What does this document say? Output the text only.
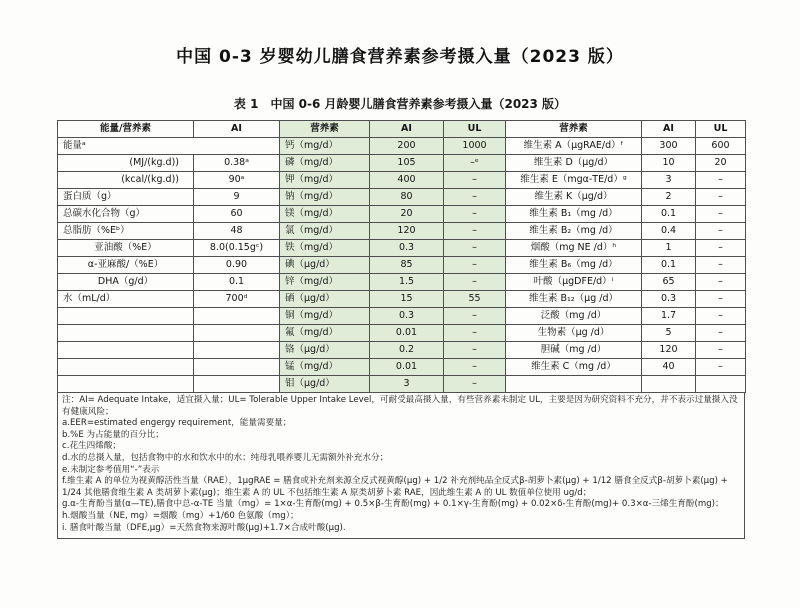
中国 0-3 岁婴幼儿膳食营养素参考摄入量（2023 版）
表 1　中国 0-6 月龄婴儿膳食营养素参考摄入量（2023 版）
能量/营养素	AI	营养素	AI	UL	营养素	AI	UL
能量ᵃ		钙（mg/d）	200	1000	维生素 A（μgRAE/d）ᶠ	300	600
(MJ/(kg.d))	0.38ᵃ	磷（mg/d）	105	–ᵉ	维生素 D（μg/d）	10	20
(kcal/(kg.d))	90ᵃ	钾（mg/d）	400	–	维生素 E（mgα-TE/d）ᵍ	3	–
蛋白质（g）	9	钠（mg/d）	80	–	维生素 K（μg/d）	2	–
总碳水化合物（g）	60	镁（mg/d）	20	–	维生素 B₁（mg /d）	0.1	–
总脂肪（%Eᵇ）	48	氯（mg/d）	120	–	维生素 B₂（mg /d）	0.4	–
亚油酸（%E）	8.0(0.15gᶜ)	铁（mg/d）	0.3	–	烟酸（mg NE /d）ʰ	1	–
α-亚麻酸/（%E）	0.90	碘（μg/d）	85	–	维生素 B₆（mg /d）	0.1	–
DHA（g/d）	0.1	锌（mg/d）	1.5	–	叶酸（μgDFE/d）ⁱ	65	–
水（mL/d）	700ᵈ	硒（μg/d）	15	55	维生素 B₁₂（μg /d）	0.3	–
		铜（mg/d）	0.3	–	泛酸（mg /d）	1.7	–
		氟（mg/d）	0.01	–	生物素（μg /d）	5	–
		铬（μg/d）	0.2	–	胆碱（mg /d）	120	–
		锰（mg/d）	0.01	–	维生素 C（mg /d）	40	–
		钼（μg/d）	3	–			
注：AI= Adequate Intake，适宜摄入量；UL= Tolerable Upper Intake Level，可耐受最高摄入量，有些营养素未制定 UL，主要是因为研究资料不充分，并不表示过量摄入没有健康风险；
a.EER=estimated engergy requirement，能量需要量；
b.%E 为占能量的百分比；
c.花生四烯酸；
d.水的总摄入量，包括食物中的水和饮水中的水；纯母乳喂养婴儿无需额外补充水分；
e.未制定参考值用“-”表示
f.维生素 A 的单位为视黄醇活性当量（RAE），1μgRAE = 膳食或补充剂来源全反式视黄醇(μg) + 1/2 补充剂纯品全反式β-胡萝卜素(μg) + 1/12 膳食全反式β-胡萝卜素(μg) + 1/24 其他膳食维生素 A 类胡萝卜素(μg)；维生素 A 的 UL 不包括维生素 A 原类胡萝卜素 RAE，因此维生素 A 的 UL 数值单位使用 ug/d；
g.α-生育酚当量(α—TE),膳食中总-α-TE 当量（mg）= 1×α-生育酚(mg) + 0.5×β-生育酚(mg) + 0.1×γ-生育酚(mg) + 0.02×δ-生育酚(mg)+ 0.3×α-三烯生育酚(mg)；
h.烟酸当量（NE, mg）=烟酸（mg）+1/60 色氨酸（mg）；
i. 膳食叶酸当量（DFE,μg）=天然食物来源叶酸(μg)+1.7×合成叶酸(μg).
